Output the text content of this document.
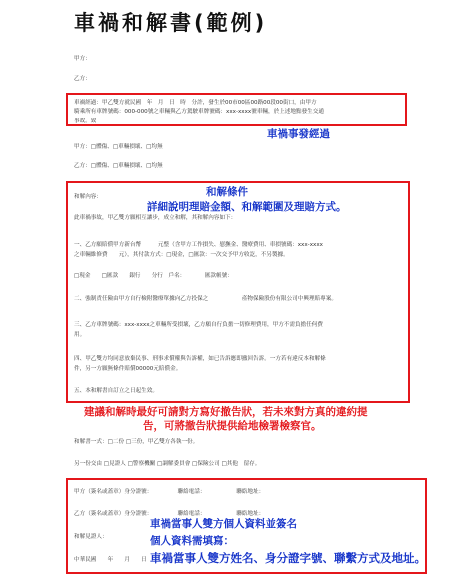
車禍和解書(範例)
甲方：
乙方：
車禍經過：甲乙雙方就民國　年　月　日　時　分許，發生於00市00區00路00段00街口，由甲方
騎乘所有車牌號碼：000-000號之車輛與乙方駕駛車牌號碼：xxx-xxxx號車輛，於上述地點發生交通
事故。致
車禍事發經過
甲方：□體傷、□車輛損壞、□均無
乙方：□體傷、□車輛損壞、□均無
和解內容：	和解條件
詳細說明理賠金額、和解範圍及理賠方式。
此車禍事故，甲乙雙方願相互讓步，成立和解，其和解內容如下：
一、乙方願賠償甲方新台幣　　　元整（含甲方工作損失、慰撫金、醫療費用、車損號碼：xxx-xxxx
之車輛維修費　　元），其付款方式：□現金，□匯款：一次交予甲方收訖，不另製據。
□現金　　□匯款　　銀行　　分行　戶名：　　　　匯款帳號：
二、強制責任險由甲方自行檢附醫療單據向乙方投保之　　　　　　產物保險股份有限公司中興理賠專案。
三、乙方車牌號碼：xxx-xxxx之車輛所受損壞，乙方願自行負擔一切修理費用，甲方不需負擔任何費
用。
四、甲乙雙方均同意放棄民事、刑事求償權與告訴權，如已告訴應即撤回告訴。一方若有違反本和解條
件，另一方願無條件賠償00000元賠償金。
五、本和解書自訂立之日起生效。
建議和解時最好可請對方寫好撤告狀，若未來對方真的違約提
告，可將撤告狀提供給地檢署檢察官。
和解書一式：□二份 □三份，甲乙雙方各執一份。
另一份交由 □見證人 □警察機關 □調解委員會 □保險公司 □其他　留存。
甲方（簽名或蓋章）身分證號：　　　　　聯絡電話：　　　　　　聯絡地址：
乙方（簽名或蓋章）身分證號：　　　　　聯絡電話：　　　　　　聯絡地址：
和解見證人：
中華民國　　年　　月　　日
車禍當事人雙方個人資料並簽名
個人資料需填寫：
車禍當事人雙方姓名、身分證字號、聯繫方式及地址。
